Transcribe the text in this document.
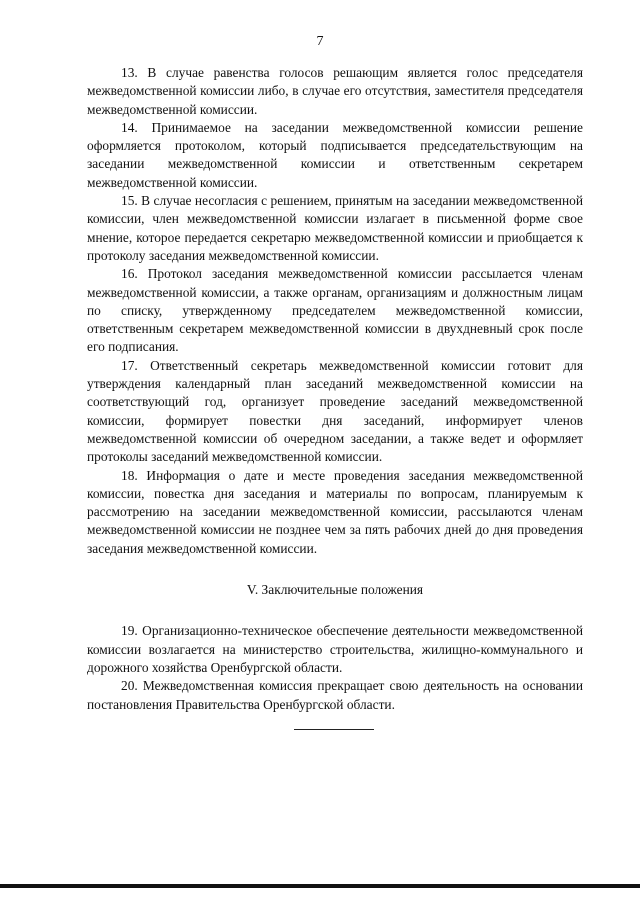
7

13. В случае равенства голосов решающим является голос председателя межведомственной комиссии либо, в случае его отсутствия, заместителя председателя межведомственной комиссии.

14. Принимаемое на заседании межведомственной комиссии решение оформляется протоколом, который подписывается председательствующим на заседании межведомственной комиссии и ответственным секретарем межведомственной комиссии.

15. В случае несогласия с решением, принятым на заседании межведомственной комиссии, член межведомственной комиссии излагает в письменной форме свое мнение, которое передается секретарю межведомственной комиссии и приобщается к протоколу заседания межведомственной комиссии.

16. Протокол заседания межведомственной комиссии рассылается членам межведомственной комиссии, а также органам, организациям и должностным лицам по списку, утвержденному председателем межведомственной комиссии, ответственным секретарем межведомственной комиссии в двухдневный срок после его подписания.

17. Ответственный секретарь межведомственной комиссии готовит для утверждения календарный план заседаний межведомственной комиссии на соответствующий год, организует проведение заседаний межведомственной комиссии, формирует повестки дня заседаний, информирует членов межведомственной комиссии об очередном заседании, а также ведет и оформляет протоколы заседаний межведомственной комиссии.

18. Информация о дате и месте проведения заседания межведомственной комиссии, повестка дня заседания и материалы по вопросам, планируемым к рассмотрению на заседании межведомственной комиссии, рассылаются членам межведомственной комиссии не позднее чем за пять рабочих дней до дня проведения заседания межведомственной комиссии.

V. Заключительные положения

19. Организационно-техническое обеспечение деятельности межведомственной комиссии возлагается на министерство строительства, жилищно-коммунального и дорожного хозяйства Оренбургской области.

20. Межведомственная комиссия прекращает свою деятельность на основании постановления Правительства Оренбургской области.
